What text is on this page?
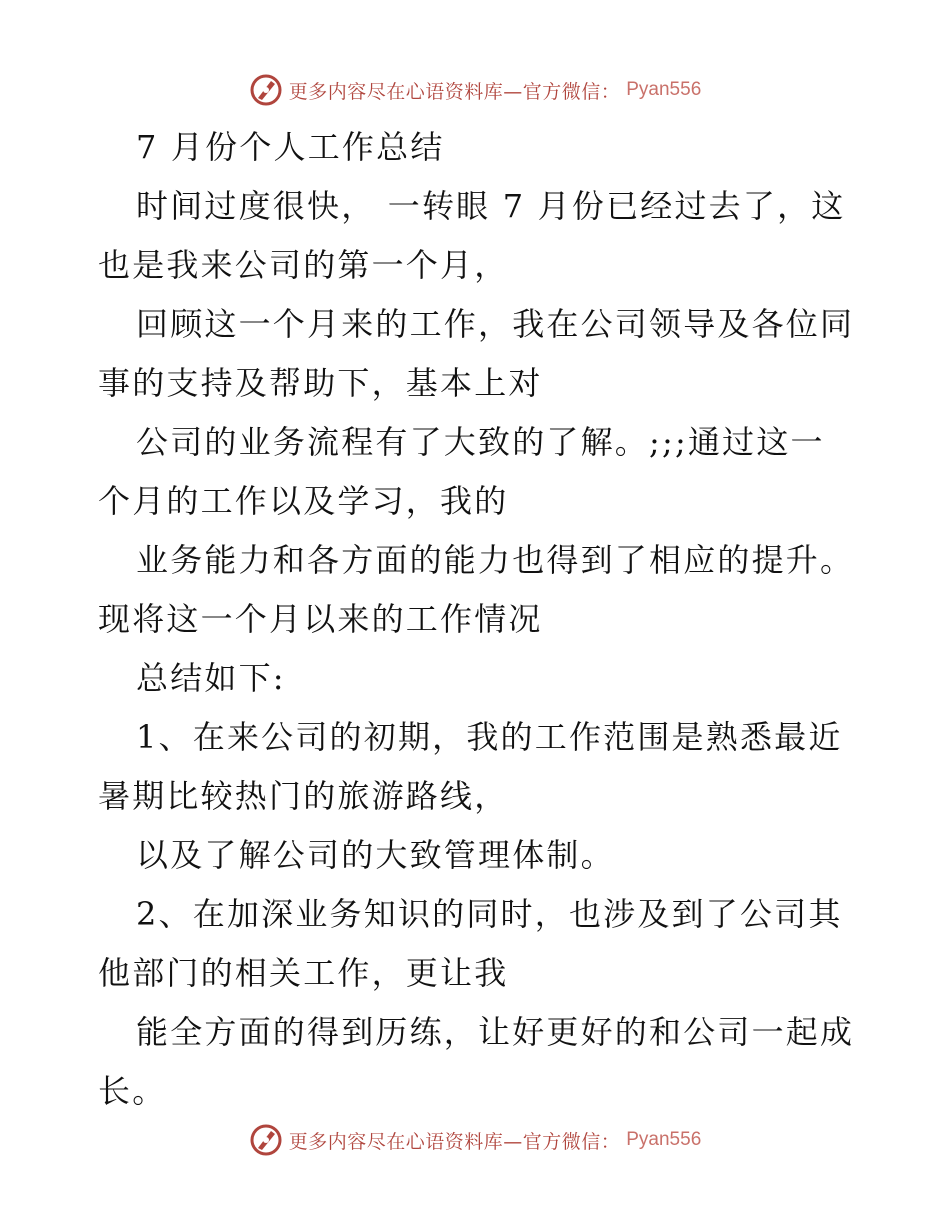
更多内容尽在心语资料库—官方微信： Pyan556
7 月份个人工作总结
时间过度很快， 一转眼 7 月份已经过去了，这
也是我来公司的第一个月，
回顾这一个月来的工作，我在公司领导及各位同
事的支持及帮助下，基本上对
公司的业务流程有了大致的了解。;;;通过这一
个月的工作以及学习，我的
业务能力和各方面的能力也得到了相应的提升。
现将这一个月以来的工作情况
总结如下:
1、在来公司的初期，我的工作范围是熟悉最近
暑期比较热门的旅游路线，
以及了解公司的大致管理体制。
2、在加深业务知识的同时，也涉及到了公司其
他部门的相关工作，更让我
能全方面的得到历练，让好更好的和公司一起成
长。
更多内容尽在心语资料库—官方微信： Pyan556
